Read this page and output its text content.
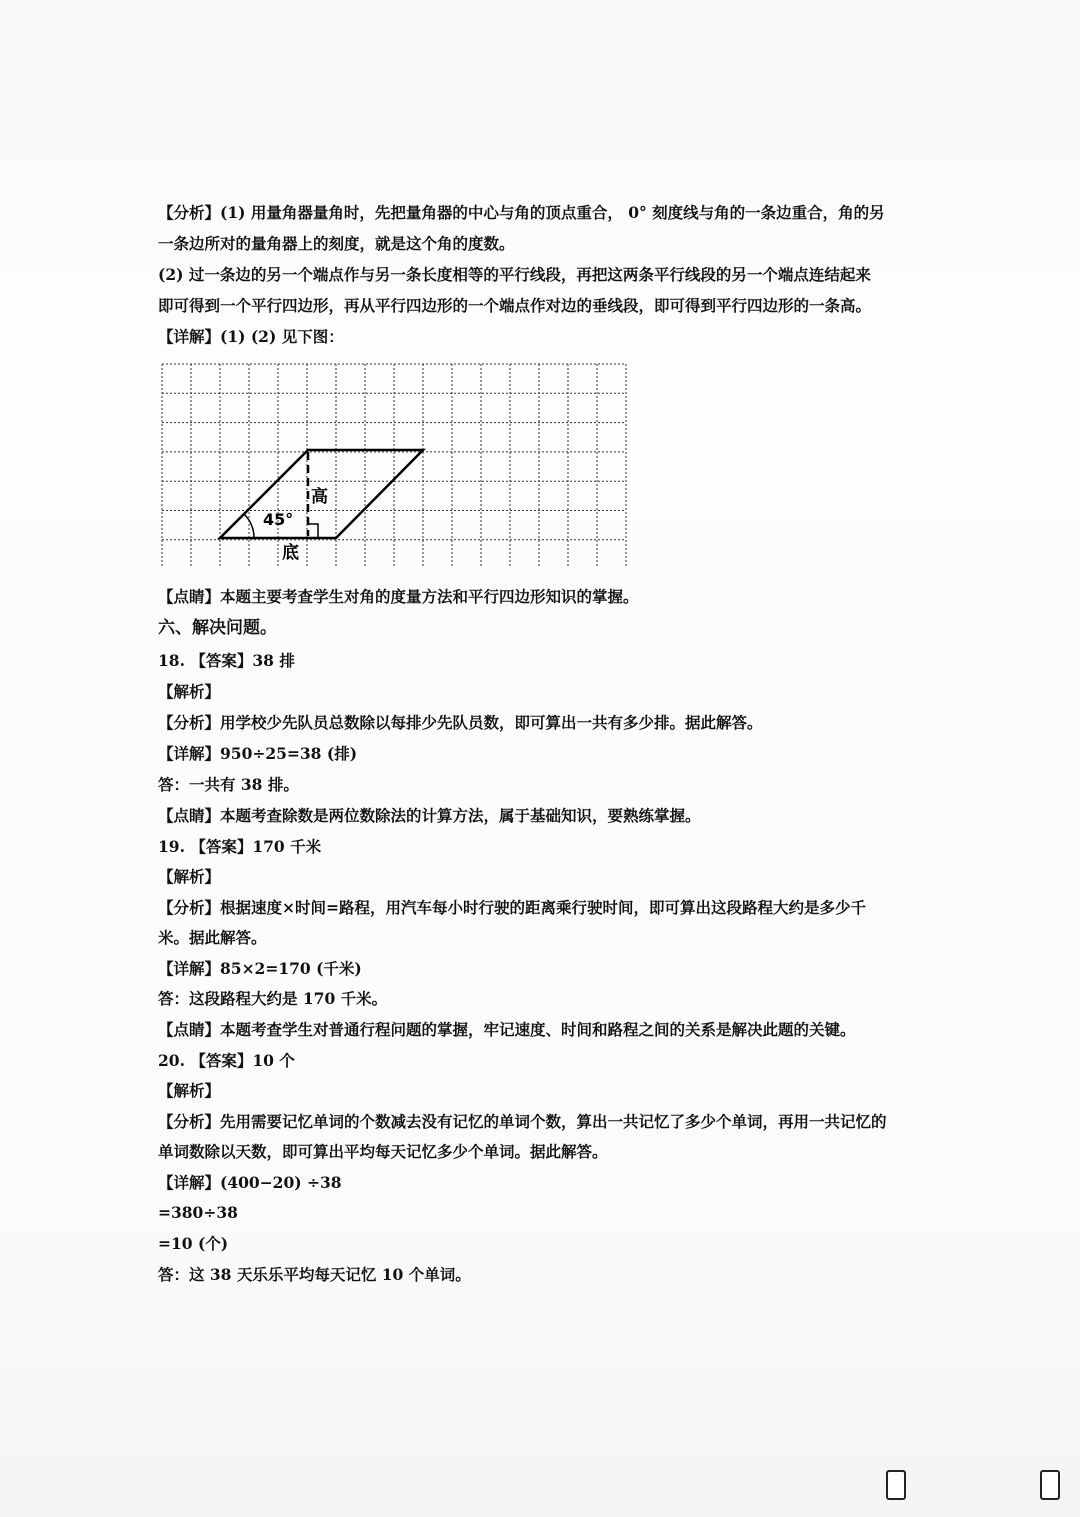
【分析】(1) 用量角器量角时，先把量角器的中心与角的顶点重合， 0° 刻度线与角的一条边重合，角的另
一条边所对的量角器上的刻度，就是这个角的度数。
(2) 过一条边的另一个端点作与另一条长度相等的平行线段，再把这两条平行线段的另一个端点连结起来
即可得到一个平行四边形，再从平行四边形的一个端点作对边的垂线段，即可得到平行四边形的一条高。
【详解】(1) (2) 见下图：
45°
高
底
【点睛】本题主要考查学生对角的度量方法和平行四边形知识的掌握。
六、解决问题。
18. 【答案】38 排
【解析】
【分析】用学校少先队员总数除以每排少先队员数，即可算出一共有多少排。据此解答。
【详解】950÷25=38 (排)
答：一共有 38 排。
【点睛】本题考查除数是两位数除法的计算方法，属于基础知识，要熟练掌握。
19. 【答案】170 千米
【解析】
【分析】根据速度×时间=路程，用汽车每小时行驶的距离乘行驶时间，即可算出这段路程大约是多少千
米。据此解答。
【详解】85×2=170 (千米)
答：这段路程大约是 170 千米。
【点睛】本题考查学生对普通行程问题的掌握，牢记速度、时间和路程之间的关系是解决此题的关键。
20. 【答案】10 个
【解析】
【分析】先用需要记忆单词的个数减去没有记忆的单词个数，算出一共记忆了多少个单词，再用一共记忆的
单词数除以天数，即可算出平均每天记忆多少个单词。据此解答。
【详解】(400−20) ÷38
=380÷38
=10 (个)
答：这 38 天乐乐平均每天记忆 10 个单词。
